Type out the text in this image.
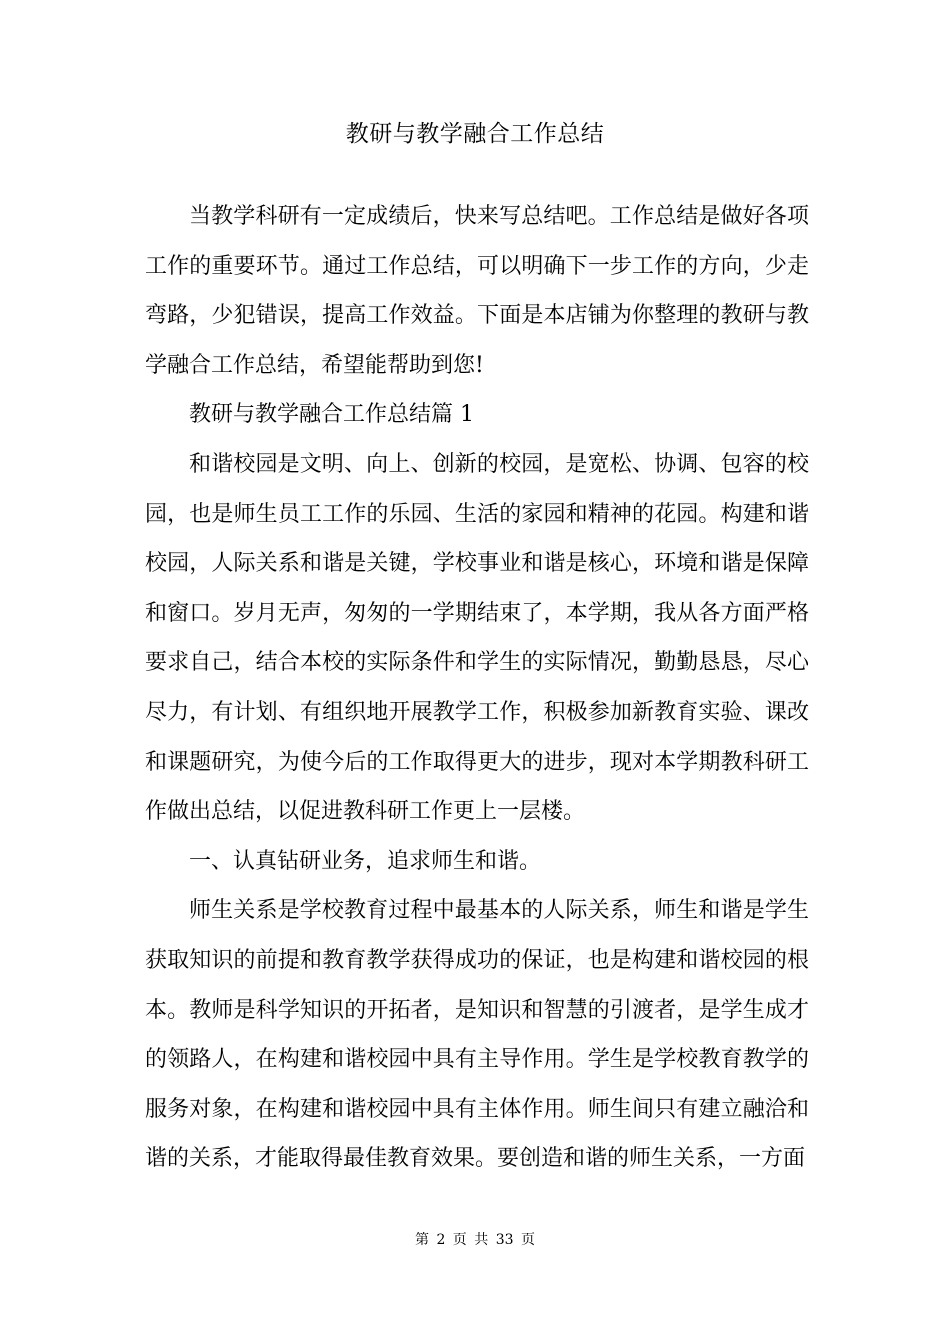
教研与教学融合工作总结

当教学科研有一定成绩后，快来写总结吧。工作总结是做好各项工作的重要环节。通过工作总结，可以明确下一步工作的方向，少走弯路，少犯错误，提高工作效益。下面是本店铺为你整理的教研与教学融合工作总结，希望能帮助到您!

教研与教学融合工作总结篇 1

和谐校园是文明、向上、创新的校园，是宽松、协调、包容的校园，也是师生员工工作的乐园、生活的家园和精神的花园。构建和谐校园，人际关系和谐是关键，学校事业和谐是核心，环境和谐是保障和窗口。岁月无声，匆匆的一学期结束了，本学期，我从各方面严格要求自己，结合本校的实际条件和学生的实际情况，勤勤恳恳，尽心尽力，有计划、有组织地开展教学工作，积极参加新教育实验、课改和课题研究，为使今后的工作取得更大的进步，现对本学期教科研工作做出总结，以促进教科研工作更上一层楼。

一、认真钻研业务，追求师生和谐。

师生关系是学校教育过程中最基本的人际关系，师生和谐是学生获取知识的前提和教育教学获得成功的保证，也是构建和谐校园的根本。教师是科学知识的开拓者，是知识和智慧的引渡者，是学生成才的领路人，在构建和谐校园中具有主导作用。学生是学校教育教学的服务对象，在构建和谐校园中具有主体作用。师生间只有建立融洽和谐的关系，才能取得最佳教育效果。要创造和谐的师生关系，一方面

第 2 页 共 33 页
